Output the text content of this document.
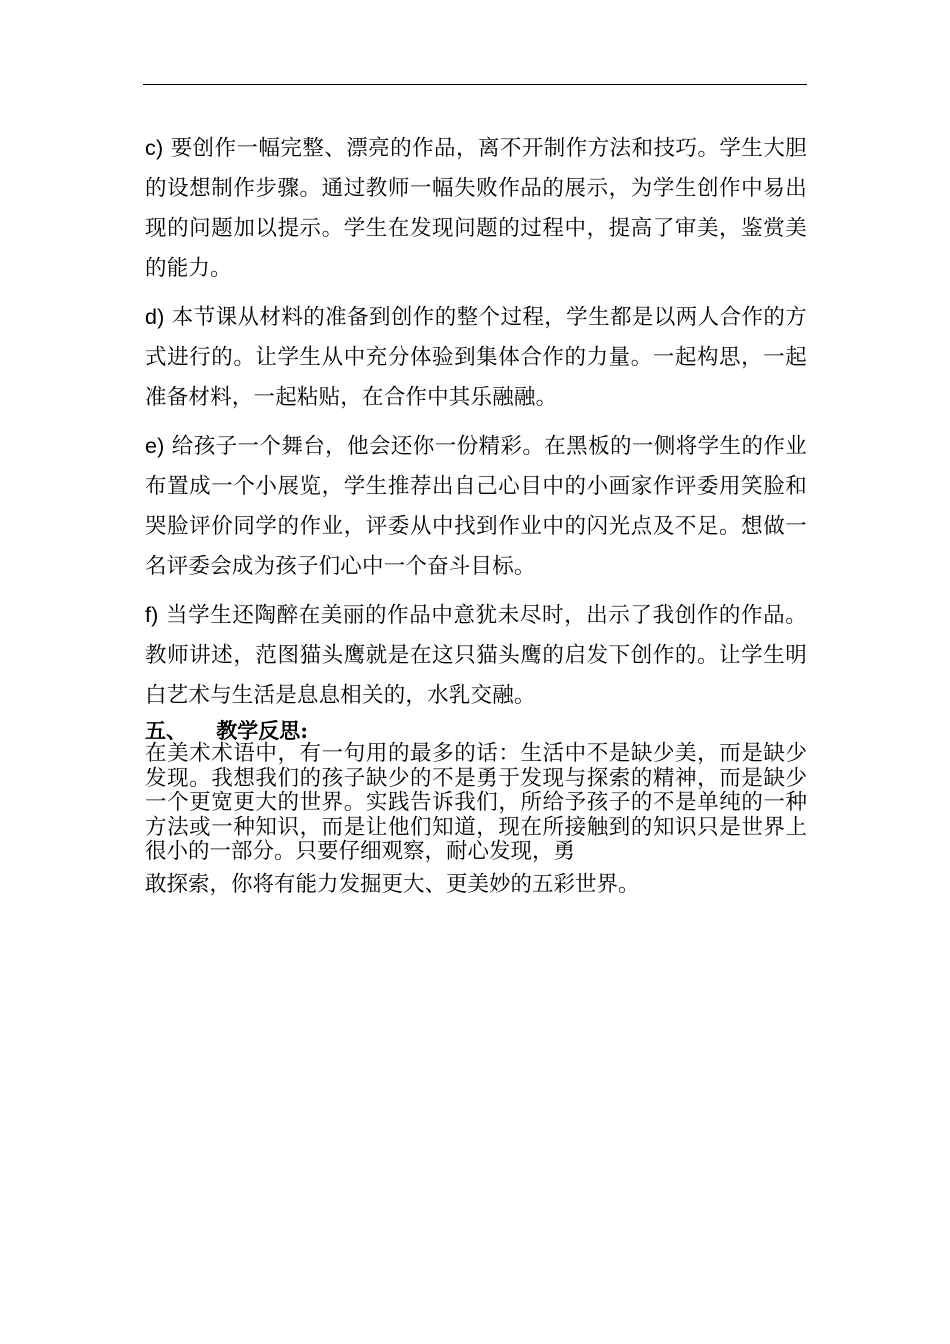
c) 要创作一幅完整、漂亮的作品，离不开制作方法和技巧。学生大胆的设想制作步骤。通过教师一幅失败作品的展示，为学生创作中易出现的问题加以提示。学生在发现问题的过程中，提高了审美，鉴赏美的能力。

d) 本节课从材料的准备到创作的整个过程，学生都是以两人合作的方式进行的。让学生从中充分体验到集体合作的力量。一起构思，一起准备材料，一起粘贴，在合作中其乐融融。

e) 给孩子一个舞台，他会还你一份精彩。在黑板的一侧将学生的作业布置成一个小展览，学生推荐出自己心目中的小画家作评委用笑脸和哭脸评价同学的作业，评委从中找到作业中的闪光点及不足。想做一名评委会成为孩子们心中一个奋斗目标。

f) 当学生还陶醉在美丽的作品中意犹未尽时，出示了我创作的作品。教师讲述，范图猫头鹰就是在这只猫头鹰的启发下创作的。让学生明白艺术与生活是息息相关的，水乳交融。

五、    教学反思:

在美术术语中，有一句用的最多的话：生活中不是缺少美，而是缺少发现。我想我们的孩子缺少的不是勇于发现与探索的精神，而是缺少一个更宽更大的世界。实践告诉我们，所给予孩子的不是单纯的一种方法或一种知识，而是让他们知道，现在所接触到的知识只是世界上很小的一部分。只要仔细观察，耐心发现，勇

敢探索，你将有能力发掘更大、更美妙的五彩世界。
